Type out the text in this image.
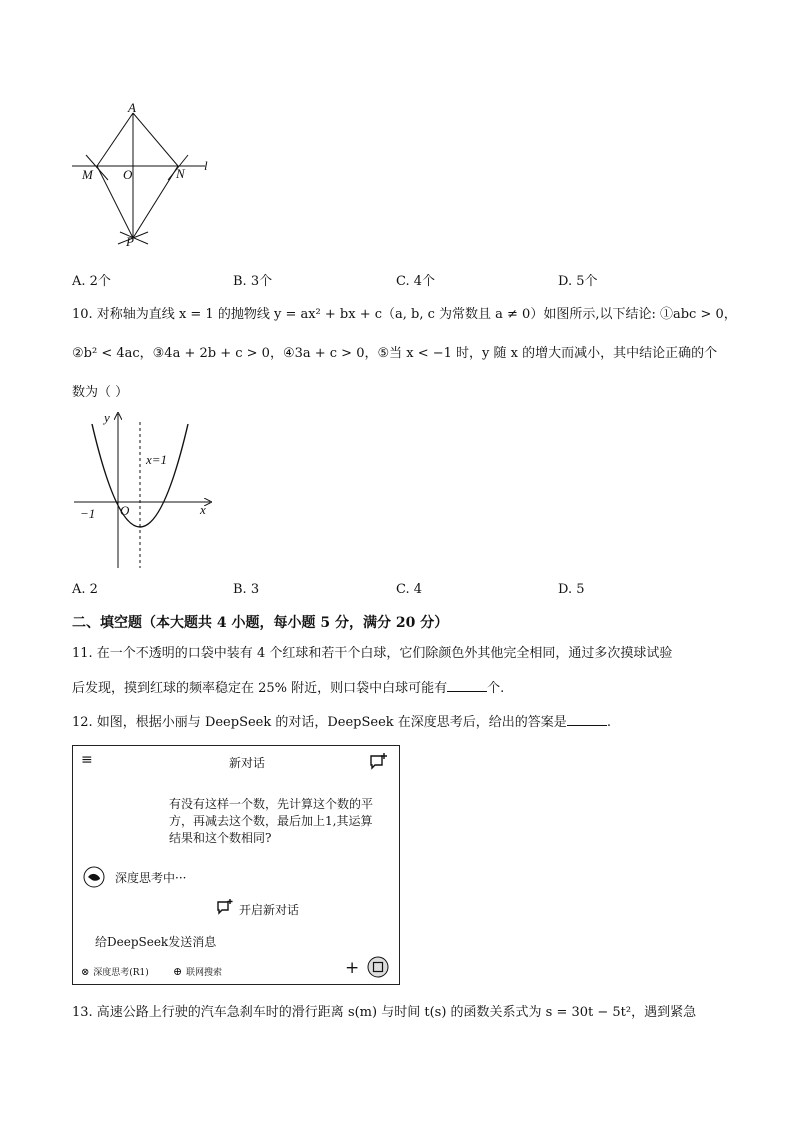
A
M O	N
l
P
A. 2个	B. 3个	C. 4个	D. 5个
10. 对称轴为直线 x = 1 的抛物线 y = ax² + bx + c（a, b, c 为常数且 a ≠ 0）如图所示,以下结论: ①abc > 0，
②b² < 4ac，③4a + 2b + c > 0，④3a + c > 0，⑤当 x < −1 时，y 随 x 的增大而减小，其中结论正确的个
数为（ ）
y
x
x=1
−1 O
A. 2	B. 3	C. 4	D. 5
二、填空题（本大题共 4 小题，每小题 5 分，满分 20 分）
11. 在一个不透明的口袋中装有 4 个红球和若干个白球，它们除颜色外其他完全相同，通过多次摸球试验
后发现，摸到红球的频率稳定在 25% 附近，则口袋中白球可能有	个.
12. 如图，根据小丽与 DeepSeek 的对话，DeepSeek 在深度思考后，给出的答案是	.
≡	新对话
有没有这样一个数，先计算这个数的平方，再减去这个数，最后加上1,其运算结果和这个数相同?
深度思考中···
开启新对话
给DeepSeek发送消息
⊗ 深度思考(R1) ⊕ 联网搜索	+
13. 高速公路上行驶的汽车急刹车时的滑行距离 s(m) 与时间 t(s) 的函数关系式为 s = 30t − 5t²，遇到紧急
